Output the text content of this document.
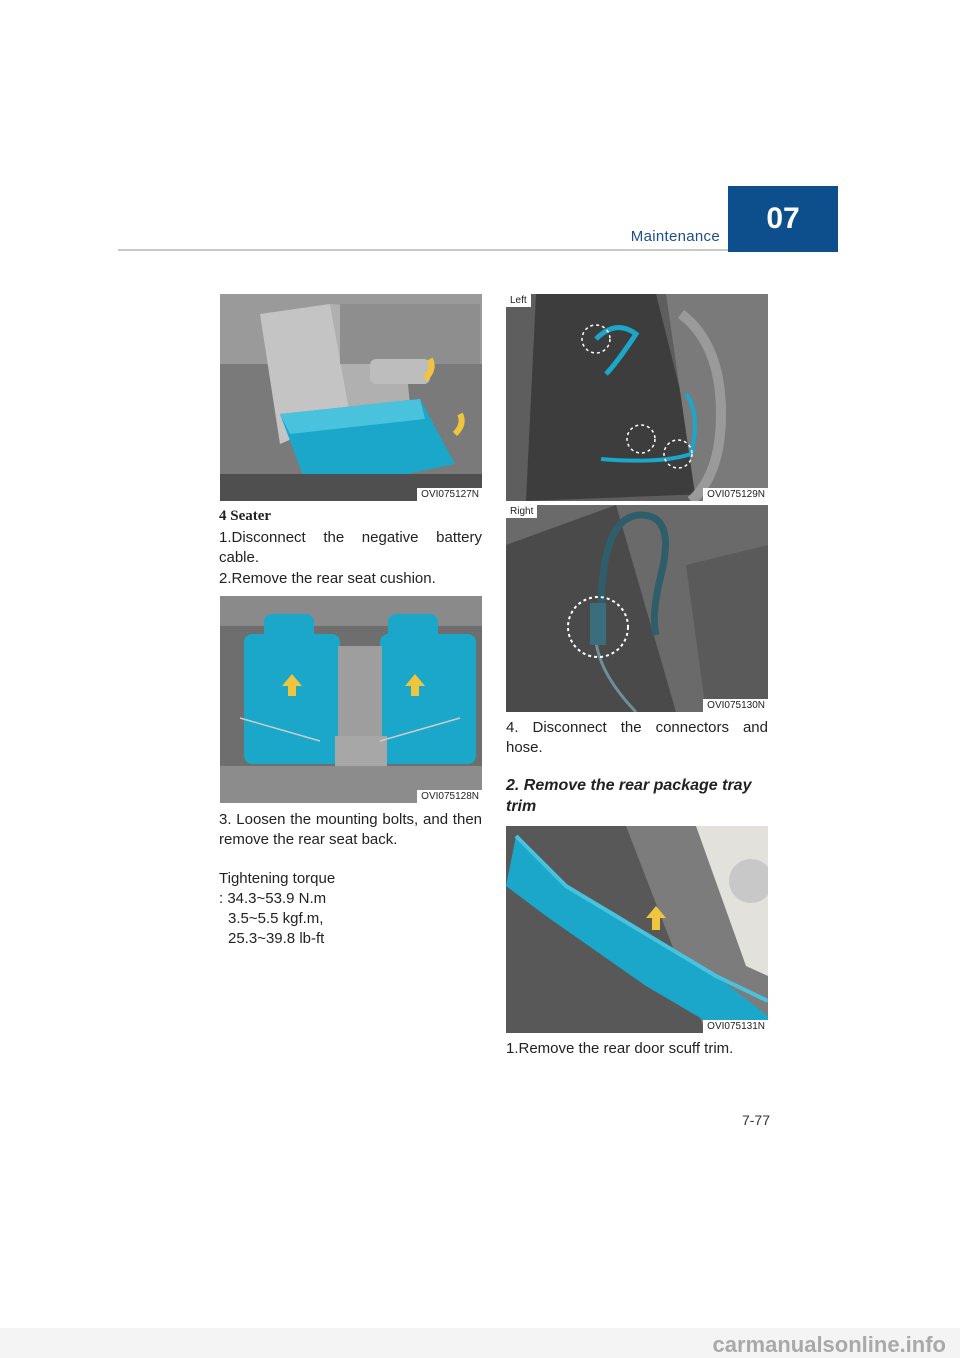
Maintenance
07
OVI075127N
4 Seater
1.Disconnect the negative battery cable.
2.Remove the rear seat cushion.
OVI075128N
3. Loosen the mounting bolts, and then remove the rear seat back.
Tightening torque
: 34.3~53.9 N.m
3.5~5.5 kgf.m,
25.3~39.8 lb-ft
Left
OVI075129N
Right
OVI075130N
4. Disconnect the connectors and hose.
2. Remove the rear package tray trim
OVI075131N
1.Remove the rear door scuff trim.
7-77
carmanualsonline.info
